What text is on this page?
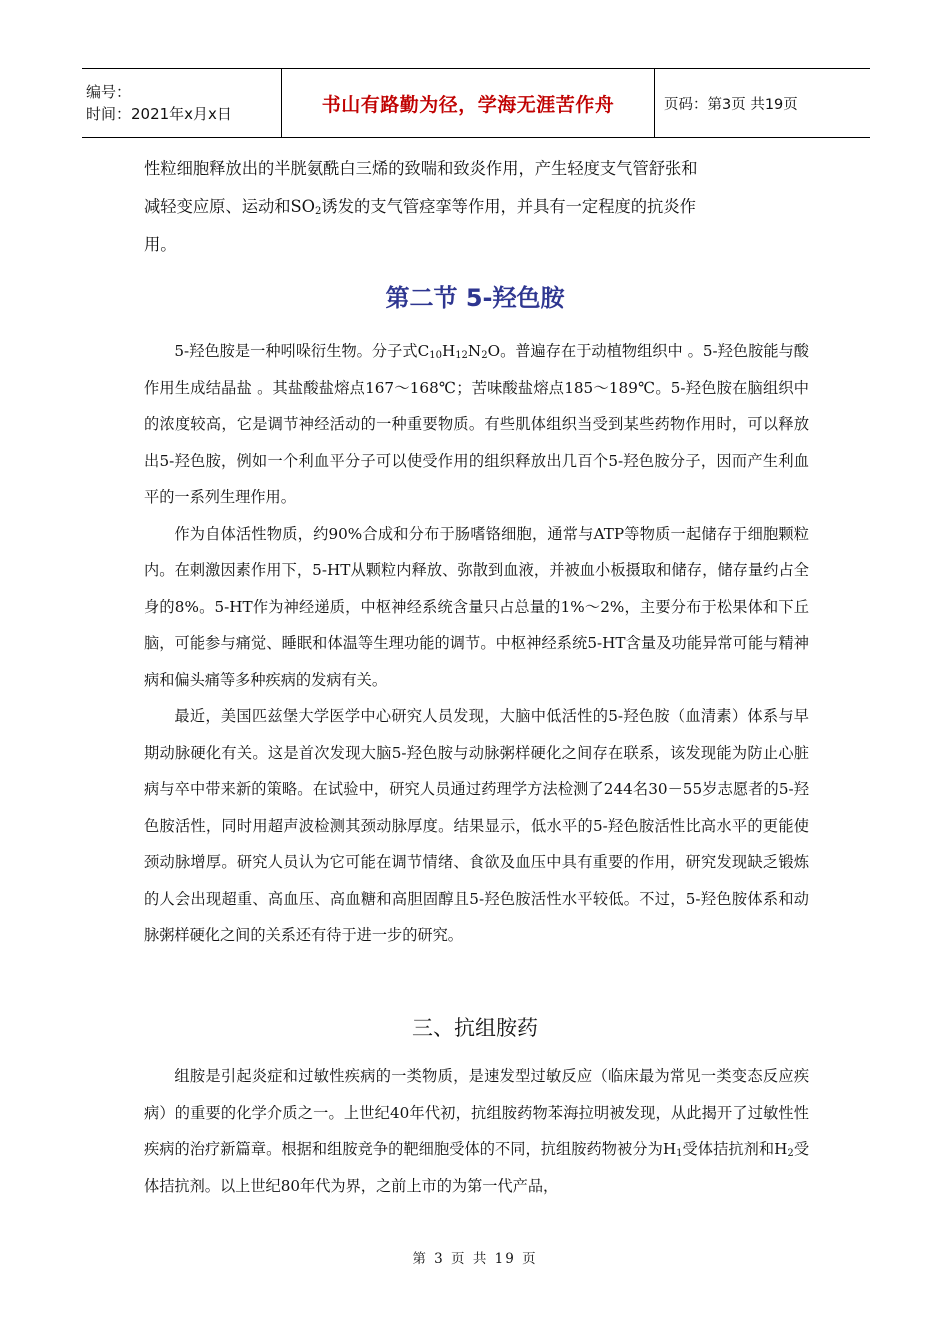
编号：
时间：2021年x月x日	书山有路勤为径，学海无涯苦作舟	页码：第3页 共19页

性粒细胞释放出的半胱氨酰白三烯的致喘和致炎作用，产生轻度支气管舒张和
减轻变应原、运动和$SO_2$诱发的支气管痉挛等作用，并具有一定程度的抗炎作
用。

第二节 5-羟色胺

5-羟色胺是一种吲哚衍生物。分子式$C_{10}H_{12}N_2O$。普遍存在于动植物组织中 。5-羟色胺能与酸作用生成结晶盐 。其盐酸盐熔点167～168℃；苦味酸盐熔点185～189℃。5-羟色胺在脑组织中的浓度较高，它是调节神经活动的一种重要物质。有些肌体组织当受到某些药物作用时，可以释放出5-羟色胺，例如一个利血平分子可以使受作用的组织释放出几百个5-羟色胺分子，因而产生利血平的一系列生理作用。

作为自体活性物质，约90%合成和分布于肠嗜铬细胞，通常与ATP等物质一起储存于细胞颗粒内。在刺激因素作用下，5-HT从颗粒内释放、弥散到血液，并被血小板摄取和储存，储存量约占全身的8%。5-HT作为神经递质，中枢神经系统含量只占总量的1%～2%，主要分布于松果体和下丘脑，可能参与痛觉、睡眠和体温等生理功能的调节。中枢神经系统5-HT含量及功能异常可能与精神病和偏头痛等多种疾病的发病有关。

最近，美国匹兹堡大学医学中心研究人员发现，大脑中低活性的5-羟色胺（血清素）体系与早期动脉硬化有关。这是首次发现大脑5-羟色胺与动脉粥样硬化之间存在联系，该发现能为防止心脏病与卒中带来新的策略。在试验中，研究人员通过药理学方法检测了244名30－55岁志愿者的5-羟色胺活性，同时用超声波检测其颈动脉厚度。结果显示，低水平的5-羟色胺活性比高水平的更能使颈动脉增厚。研究人员认为它可能在调节情绪、食欲及血压中具有重要的作用，研究发现缺乏锻炼的人会出现超重、高血压、高血糖和高胆固醇且5-羟色胺活性水平较低。不过，5-羟色胺体系和动脉粥样硬化之间的关系还有待于进一步的研究。

三、抗组胺药

组胺是引起炎症和过敏性疾病的一类物质，是速发型过敏反应（临床最为常见一类变态反应疾病）的重要的化学介质之一。上世纪40年代初，抗组胺药物苯海拉明被发现，从此揭开了过敏性性疾病的治疗新篇章。根据和组胺竞争的靶细胞受体的不同，抗组胺药物被分为$H_1$受体拮抗剂和$H_2$受体拮抗剂。以上世纪80年代为界，之前上市的为第一代产品，

第 3 页 共 19 页
